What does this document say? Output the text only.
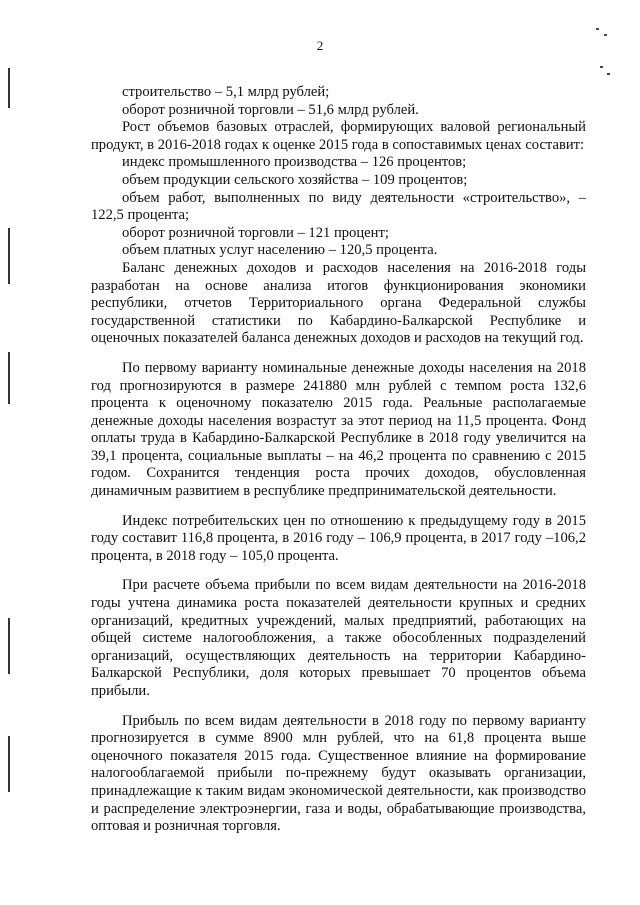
2

строительство – 5,1 млрд рублей;

оборот розничной торговли – 51,6 млрд рублей.

Рост объемов базовых отраслей, формирующих валовой региональный продукт, в 2016-2018 годах к оценке 2015 года в сопоставимых ценах составит:

индекс промышленного производства – 126 процентов;

объем продукции сельского хозяйства – 109 процентов;

объем работ, выполненных по виду деятельности «строительство», – 122,5 процента;

оборот розничной торговли – 121 процент;

объем платных услуг населению – 120,5 процента.

Баланс денежных доходов и расходов населения на 2016-2018 годы разработан на основе анализа итогов функционирования экономики республики, отчетов Территориального органа Федеральной службы государственной статистики по Кабардино-Балкарской Республике и оценочных показателей баланса денежных доходов и расходов на текущий год.

По первому варианту номинальные денежные доходы населения на 2018 год прогнозируются в размере 241880 млн рублей с темпом роста 132,6 процента к оценочному показателю 2015 года. Реальные располагаемые денежные доходы населения возрастут за этот период на 11,5 процента. Фонд оплаты труда в Кабардино-Балкарской Республике в 2018 году увеличится на 39,1 процента, социальные выплаты – на 46,2 процента по сравнению с 2015 годом. Сохранится тенденция роста прочих доходов, обусловленная динамичным развитием в республике предпринимательской деятельности.

Индекс потребительских цен по отношению к предыдущему году в 2015 году составит 116,8 процента, в 2016 году – 106,9 процента, в 2017 году –106,2 процента, в 2018 году – 105,0 процента.

При расчете объема прибыли по всем видам деятельности на 2016-2018 годы учтена динамика роста показателей деятельности крупных и средних организаций, кредитных учреждений, малых предприятий, работающих на общей системе налогообложения, а также обособленных подразделений организаций, осуществляющих деятельность на территории Кабардино-Балкарской Республики, доля которых превышает 70 процентов объема прибыли.

Прибыль по всем видам деятельности в 2018 году по первому варианту прогнозируется в сумме 8900 млн рублей, что на 61,8 процента выше оценочного показателя 2015 года. Существенное влияние на формирование налогооблагаемой прибыли по-прежнему будут оказывать организации, принадлежащие к таким видам экономической деятельности, как производство и распределение электроэнергии, газа и воды, обрабатывающие производства, оптовая и розничная торговля.
